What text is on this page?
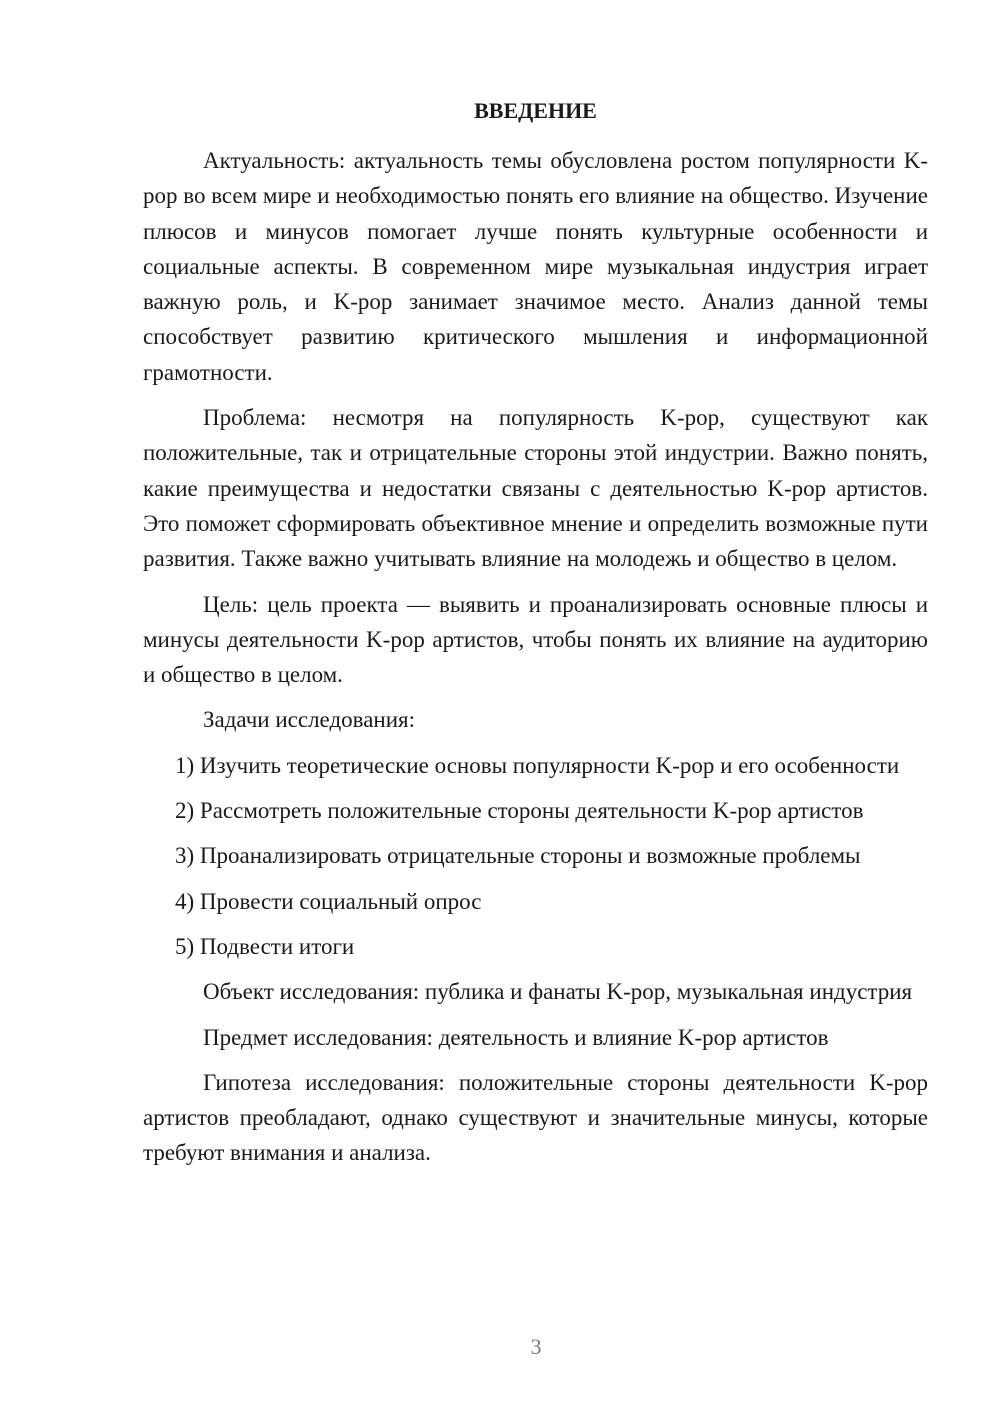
ВВЕДЕНИЕ

Актуальность: актуальность темы обусловлена ростом популярности K-pop во всем мире и необходимостью понять его влияние на общество. Изучение плюсов и минусов помогает лучше понять культурные особенности и социальные аспекты. В современном мире музыкальная индустрия играет важную роль, и K-pop занимает значимое место. Анализ данной темы способствует развитию критического мышления и информационной грамотности.

Проблема: несмотря на популярность K-pop, существуют как положительные, так и отрицательные стороны этой индустрии. Важно понять, какие преимущества и недостатки связаны с деятельностью K-pop артистов. Это поможет сформировать объективное мнение и определить возможные пути развития. Также важно учитывать влияние на молодежь и общество в целом.

Цель: цель проекта — выявить и проанализировать основные плюсы и минусы деятельности K-pop артистов, чтобы понять их влияние на аудиторию и общество в целом.

Задачи исследования:

1) Изучить теоретические основы популярности K-pop и его особенности

2) Рассмотреть положительные стороны деятельности K-pop артистов

3) Проанализировать отрицательные стороны и возможные проблемы

4) Провести социальный опрос

5) Подвести итоги

Объект исследования: публика и фанаты K-pop, музыкальная индустрия

Предмет исследования: деятельность и влияние K-pop артистов

Гипотеза исследования: положительные стороны деятельности K-pop артистов преобладают, однако существуют и значительные минусы, которые требуют внимания и анализа.

3
